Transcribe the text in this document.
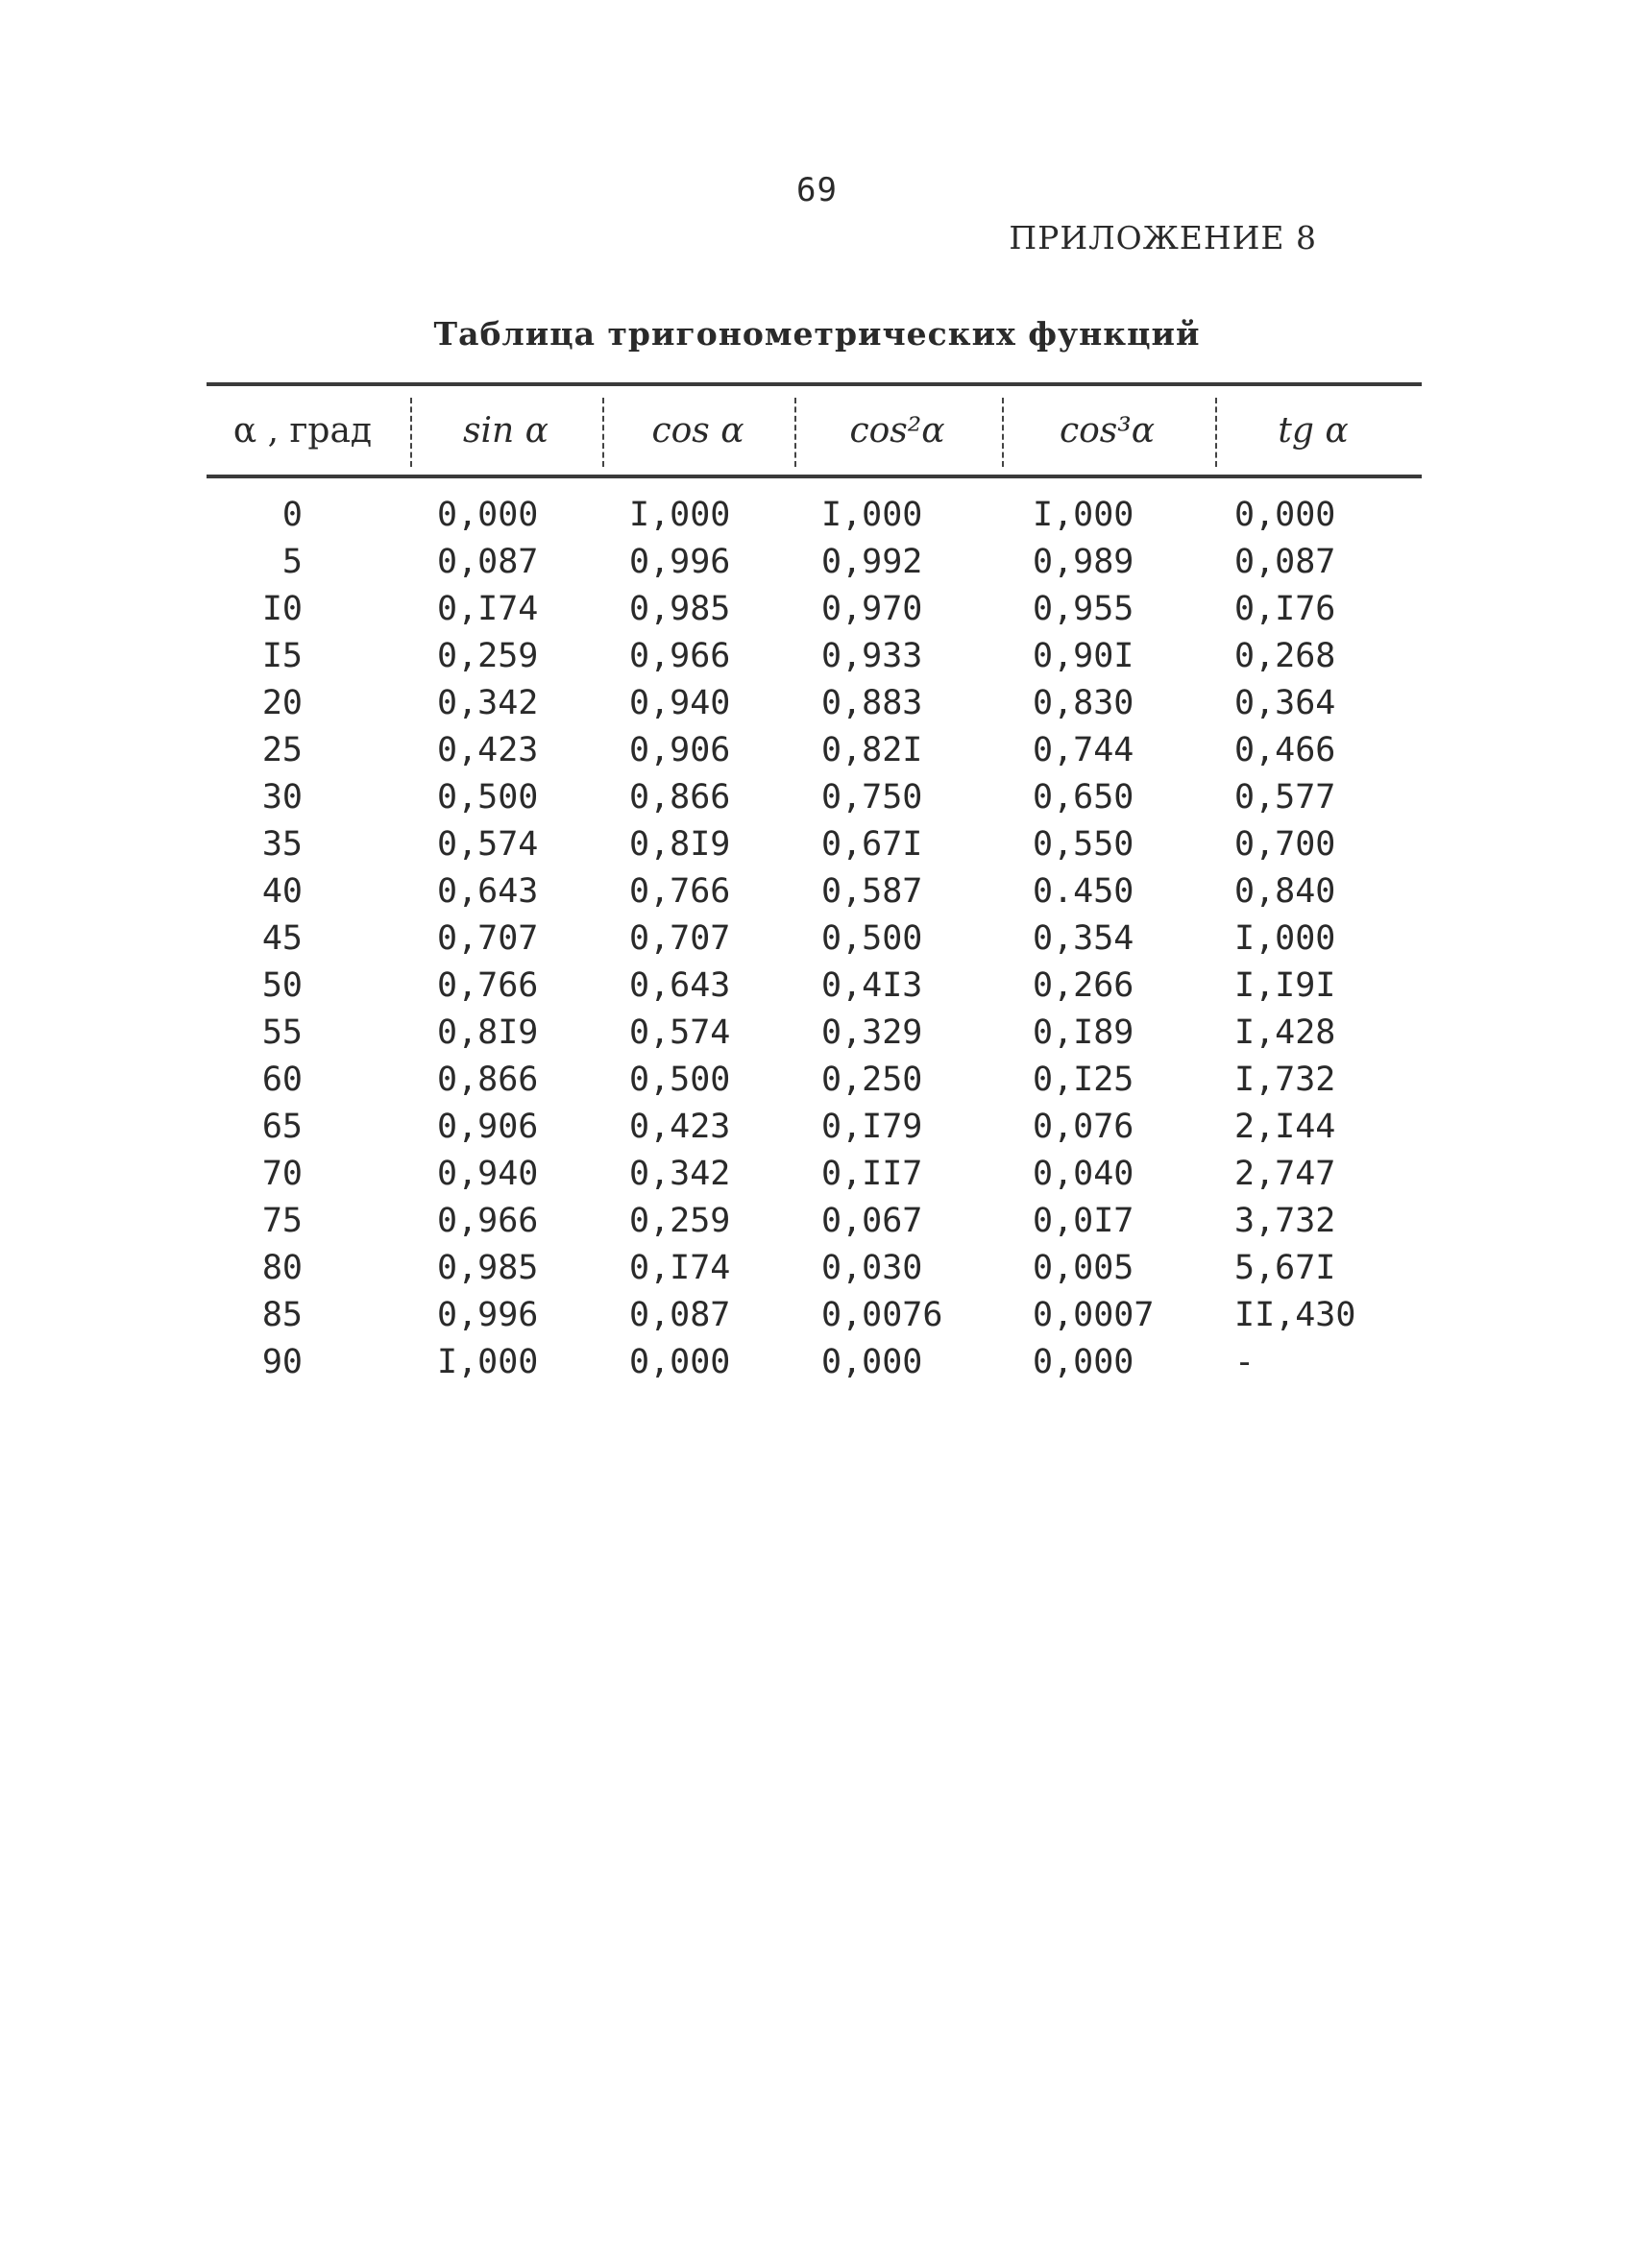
69
ПРИЛОЖЕНИЕ 8
Таблица тригонометрических функций
α , град	sin α	cos α	cos²α	cos³α	tg α
0	0,000	I,000	I,000	I,000	0,000
5	0,087	0,996	0,992	0,989	0,087
I0	0,I74	0,985	0,970	0,955	0,I76
I5	0,259	0,966	0,933	0,90I	0,268
20	0,342	0,940	0,883	0,830	0,364
25	0,423	0,906	0,82I	0,744	0,466
30	0,500	0,866	0,750	0,650	0,577
35	0,574	0,8I9	0,67I	0,550	0,700
40	0,643	0,766	0,587	0.450	0,840
45	0,707	0,707	0,500	0,354	I,000
50	0,766	0,643	0,4I3	0,266	I,I9I
55	0,8I9	0,574	0,329	0,I89	I,428
60	0,866	0,500	0,250	0,I25	I,732
65	0,906	0,423	0,I79	0,076	2,I44
70	0,940	0,342	0,II7	0,040	2,747
75	0,966	0,259	0,067	0,0I7	3,732
80	0,985	0,I74	0,030	0,005	5,67I
85	0,996	0,087	0,0076	0,0007 II,430
90	I,000	0,000	0,000	0,000	-
